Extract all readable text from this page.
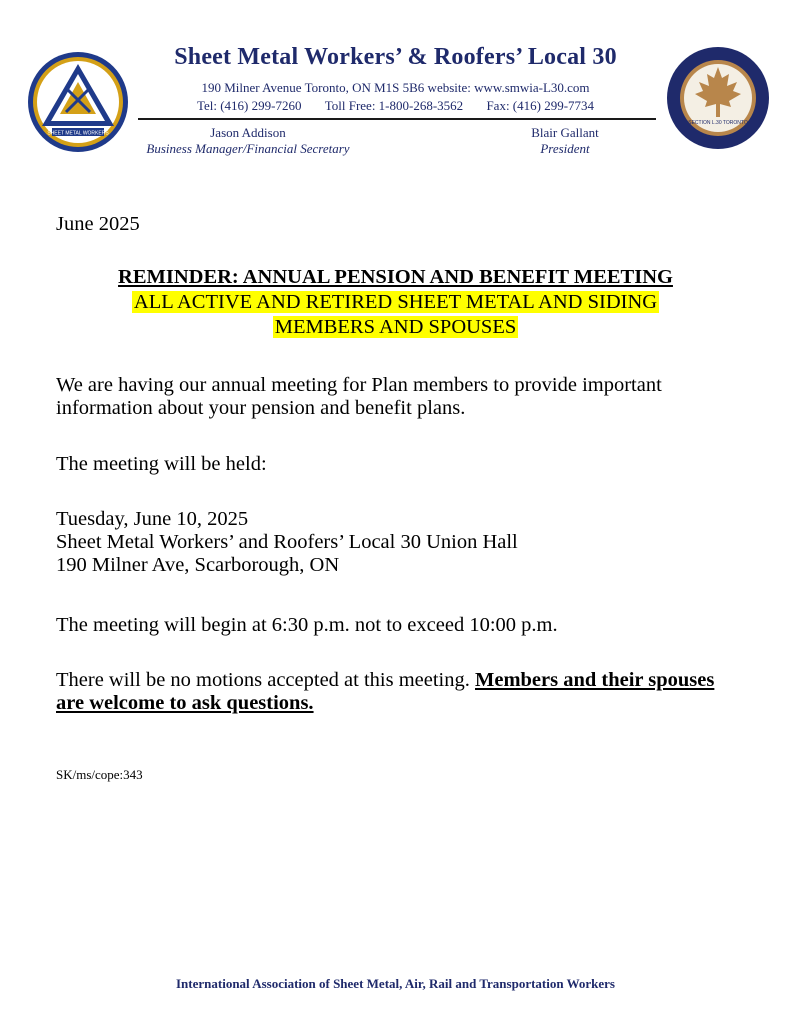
SHEET METAL WORKERS
SECTION L.30 TORONTO
Sheet Metal Workers’ & Roofers’ Local 30
190 Milner Avenue Toronto, ON M1S 5B6 website: www.smwia-L30.com
Tel: (416) 299-7260 Toll Free: 1-800-268-3562 Fax: (416) 299-7734
Jason Addison
Business Manager/Financial Secretary
Blair Gallant
President
June 2025
REMINDER: ANNUAL PENSION AND BENEFIT MEETING
ALL ACTIVE AND RETIRED SHEET METAL AND SIDING
MEMBERS AND SPOUSES
We are having our annual meeting for Plan members to provide important information about your pension and benefit plans.
The meeting will be held:
Tuesday, June 10, 2025
Sheet Metal Workers’ and Roofers’ Local 30 Union Hall
190 Milner Ave, Scarborough, ON
The meeting will begin at 6:30 p.m. not to exceed 10:00 p.m.
There will be no motions accepted at this meeting. Members and their spouses are welcome to ask questions.
SK/ms/cope:343
International Association of Sheet Metal, Air, Rail and Transportation Workers
